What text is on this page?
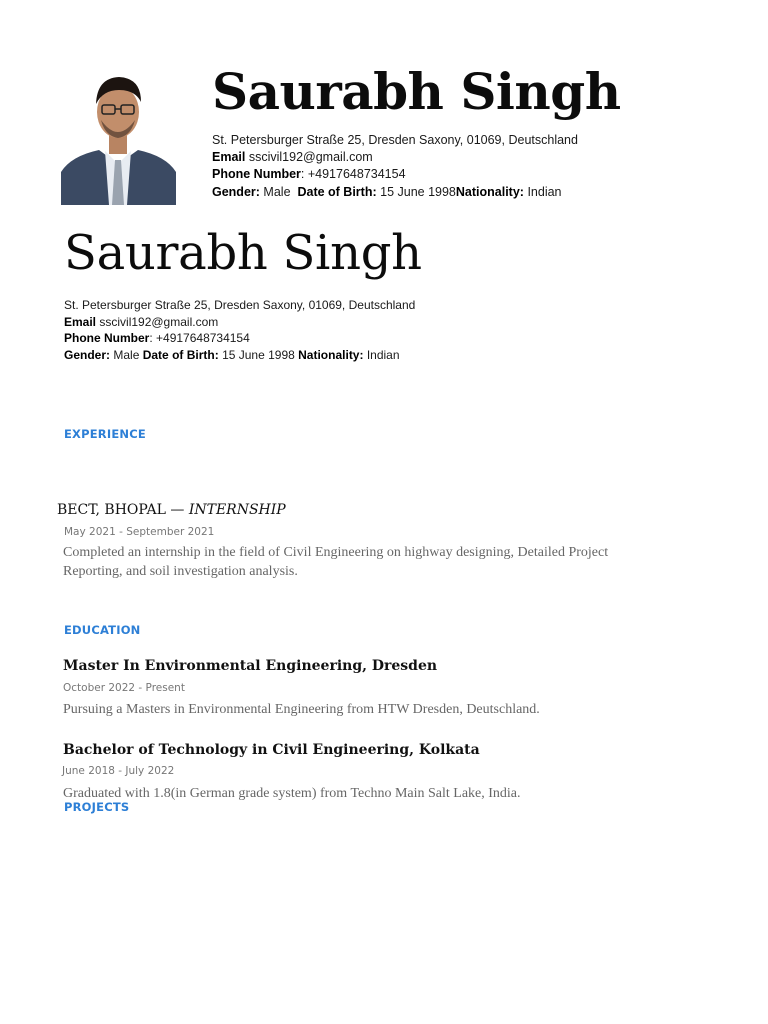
Saurabh Singh
St. Petersburger Straße 25, Dresden Saxony, 01069, Deutschland
Email sscivil192@gmail.com
Phone Number: +4917648734154
Gender: Male Date of Birth: 15 June 1998Nationality: Indian
Saurabh Singh
St. Petersburger Straße 25, Dresden Saxony, 01069, Deutschland
Email sscivil192@gmail.com
Phone Number: +4917648734154
Gender: Male Date of Birth: 15 June 1998 Nationality: Indian
EXPERIENCE
BECT, BHOPAL — INTERNSHIP
May 2021 - September 2021
Completed an internship in the field of Civil Engineering on highway designing, Detailed Project Reporting, and soil investigation analysis.
EDUCATION
Master In Environmental Engineering, Dresden
October 2022 - Present
Pursuing a Masters in Environmental Engineering from HTW Dresden, Deutschland.
Bachelor of Technology in Civil Engineering, Kolkata
June 2018 - July 2022
Graduated with 1.8(in German grade system) from Techno Main Salt Lake, India.
PROJECTS
